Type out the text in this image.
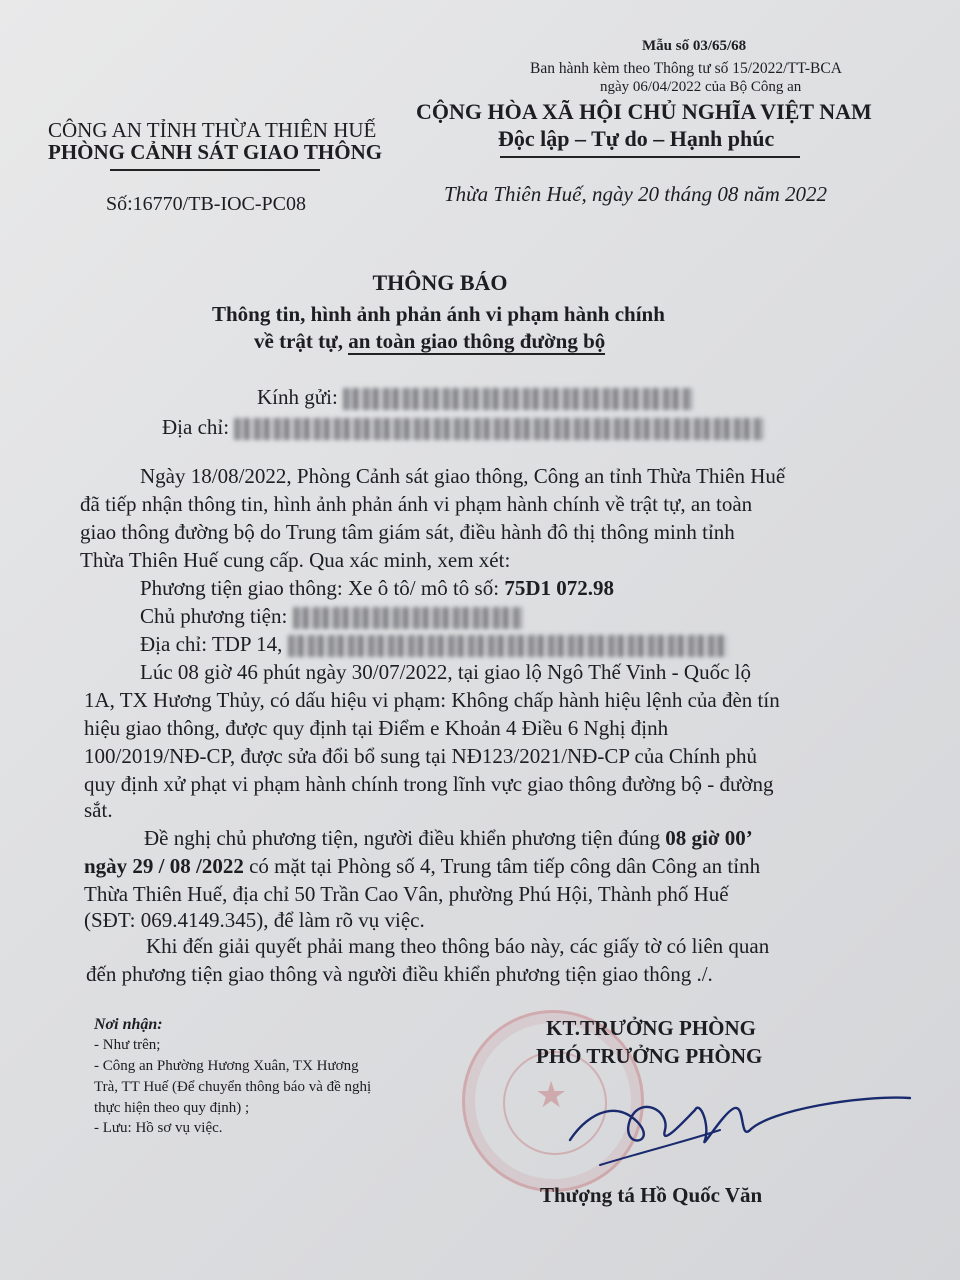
Mẫu số 03/65/68
Ban hành kèm theo Thông tư số 15/2022/TT-BCA
ngày 06/04/2022 của Bộ Công an
CÔNG AN TỈNH THỪA THIÊN HUẾ
PHÒNG CẢNH SÁT GIAO THÔNG
CỘNG HÒA XÃ HỘI CHỦ NGHĨA VIỆT NAM
Độc lập – Tự do – Hạnh phúc
Số:16770/TB-IOC-PC08	Thừa Thiên Huế, ngày 20 tháng 08 năm 2022
THÔNG BÁO
Thông tin, hình ảnh phản ánh vi phạm hành chính
về trật tự, an toàn giao thông đường bộ
Kính gửi:
Địa chỉ:
Ngày 18/08/2022, Phòng Cảnh sát giao thông, Công an tỉnh Thừa Thiên Huế
đã tiếp nhận thông tin, hình ảnh phản ánh vi phạm hành chính về trật tự, an toàn
giao thông đường bộ do Trung tâm giám sát, điều hành đô thị thông minh tỉnh
Thừa Thiên Huế cung cấp. Qua xác minh, xem xét:
Phương tiện giao thông: Xe ô tô/ mô tô số: 75D1 072.98
Chủ phương tiện:
Địa chỉ: TDP 14,
Lúc 08 giờ 46 phút ngày 30/07/2022, tại giao lộ Ngô Thế Vinh - Quốc lộ
1A, TX Hương Thủy, có dấu hiệu vi phạm: Không chấp hành hiệu lệnh của đèn tín
hiệu giao thông, được quy định tại Điểm e Khoản 4 Điều 6 Nghị định
100/2019/NĐ-CP, được sửa đổi bổ sung tại NĐ123/2021/NĐ-CP của Chính phủ
quy định xử phạt vi phạm hành chính trong lĩnh vực giao thông đường bộ - đường
sắt.
Đề nghị chủ phương tiện, người điều khiển phương tiện đúng 08 giờ 00’
ngày 29 / 08 /2022 có mặt tại Phòng số 4, Trung tâm tiếp công dân Công an tỉnh
Thừa Thiên Huế, địa chỉ 50 Trần Cao Vân, phường Phú Hội, Thành phố Huế
(SĐT: 069.4149.345), để làm rõ vụ việc.
Khi đến giải quyết phải mang theo thông báo này, các giấy tờ có liên quan
đến phương tiện giao thông và người điều khiển phương tiện giao thông ./.
Nơi nhận:
- Như trên;
- Công an Phường Hương Xuân, TX Hương
Trà, TT Huế (Để chuyển thông báo và đề nghị
thực hiện theo quy định) ;
- Lưu: Hồ sơ vụ việc.
★
KT.TRƯỞNG PHÒNG
PHÓ TRƯỞNG PHÒNG
Thượng tá Hồ Quốc Văn
